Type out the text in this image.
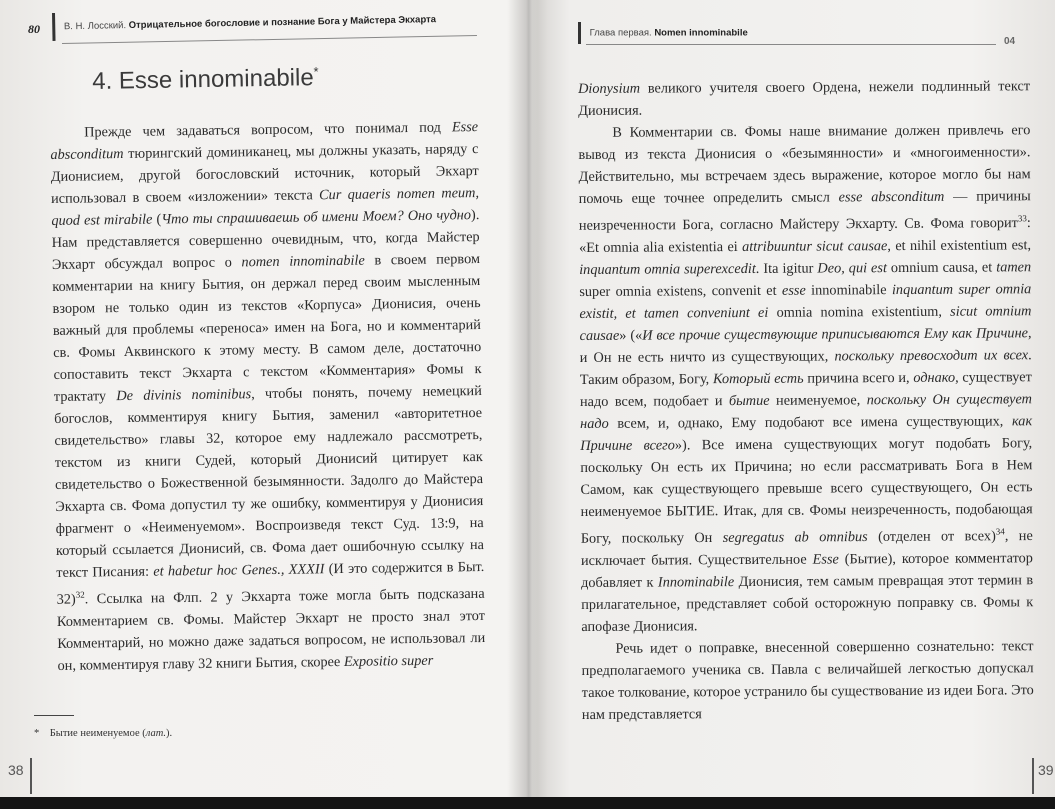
80	В. Н. Лосский. Отрицательное богословие и познание Бога у Майстера Экхарта
4. Esse innominabile*

Прежде чем задаваться вопросом, что понимал под Esse absconditum тюрингский доминиканец, мы должны указать, наряду с Дионисием, другой богословский источник, который Экхарт использовал в своем «изложении» текста Cur quaeris nomen meum, quod est mirabile (Что ты спрашиваешь об имени Моем? Оно чудно). Нам представляется совершенно очевидным, что, когда Майстер Экхарт обсуждал вопрос о nomen innominabile в своем первом комментарии на книгу Бытия, он держал перед своим мысленным взором не только один из текстов «Корпуса» Дионисия, очень важный для проблемы «переноса» имен на Бога, но и комментарий св. Фомы Аквинского к этому месту. В самом деле, достаточно сопоставить текст Экхарта с текстом «Комментария» Фомы к трактату De divinis nominibus, чтобы понять, почему немецкий богослов, комментируя книгу Бытия, заменил «авторитетное свидетельство» главы 32, которое ему надлежало рассмотреть, текстом из книги Судей, который Дионисий цитирует как свидетельство о Божественной безымянности. Задолго до Майстера Экхарта св. Фома допустил ту же ошибку, комментируя у Дионисия фрагмент о «Неименуемом». Воспроизведя текст Суд. 13:9, на который ссылается Дионисий, св. Фома дает ошибочную ссылку на текст Писания: et habetur hoc Genes., XXXII (И это содержится в Быт. 32)$^{32}$. Ссылка на Флп. 2 у Экхарта тоже могла быть подсказана Комментарием св. Фомы. Майстер Экхарт не просто знал этот Комментарий, но можно даже задаться вопросом, не использовал ли он, комментируя главу 32 книги Бытия, скорее Expositio super

* Бытие неименуемое (лат.).
Глава первая. Nomen innominabile
04

Dionysium великого учителя своего Ордена, нежели подлинный текст Дионисия.

В Комментарии св. Фомы наше внимание должен привлечь его вывод из текста Дионисия о «безымянности» и «многоименности». Действительно, мы встречаем здесь выражение, которое могло бы нам помочь еще точнее определить смысл esse absconditum — причины неизреченности Бога, согласно Майстеру Экхарту. Св. Фома говорит$^{33}$: «Et omnia alia existentia ei attribuuntur sicut causae, et nihil existentium est, inquantum omnia superexcedit. Ita igitur Deo, qui est omnium causa, et tamen super omnia existens, convenit et esse innominabile inquantum super omnia existit, et tamen conveniunt ei omnia nomina existentium, sicut omnium causae» («И все прочие существующие приписываются Ему как Причине, и Он не есть ничто из существующих, поскольку превосходит их всех. Таким образом, Богу, Который есть причина всего и, однако, существует надо всем, подобает и бытие неименуемое, поскольку Он существует надо всем, и, однако, Ему подобают все имена существующих, как Причине всего»). Все имена существующих могут подобать Богу, поскольку Он есть их Причина; но если рассматривать Бога в Нем Самом, как существующего превыше всего существующего, Он есть неименуемое БЫТИЕ. Итак, для св. Фомы неизреченность, подобающая Богу, поскольку Он segregatus ab omnibus (отделен от всех)$^{34}$, не исключает бытия. Существительное Esse (Бытие), которое комментатор добавляет к Innominabile Дионисия, тем самым превращая этот термин в прилагательное, представляет собой осторожную поправку св. Фомы к апофазе Дионисия.

Речь идет о поправке, внесенной совершенно сознательно: текст предполагаемого ученика св. Павла с величайшей легкостью допускал такое толкование, которое устранило бы существование из идеи Бога. Это нам представляется

38	39
